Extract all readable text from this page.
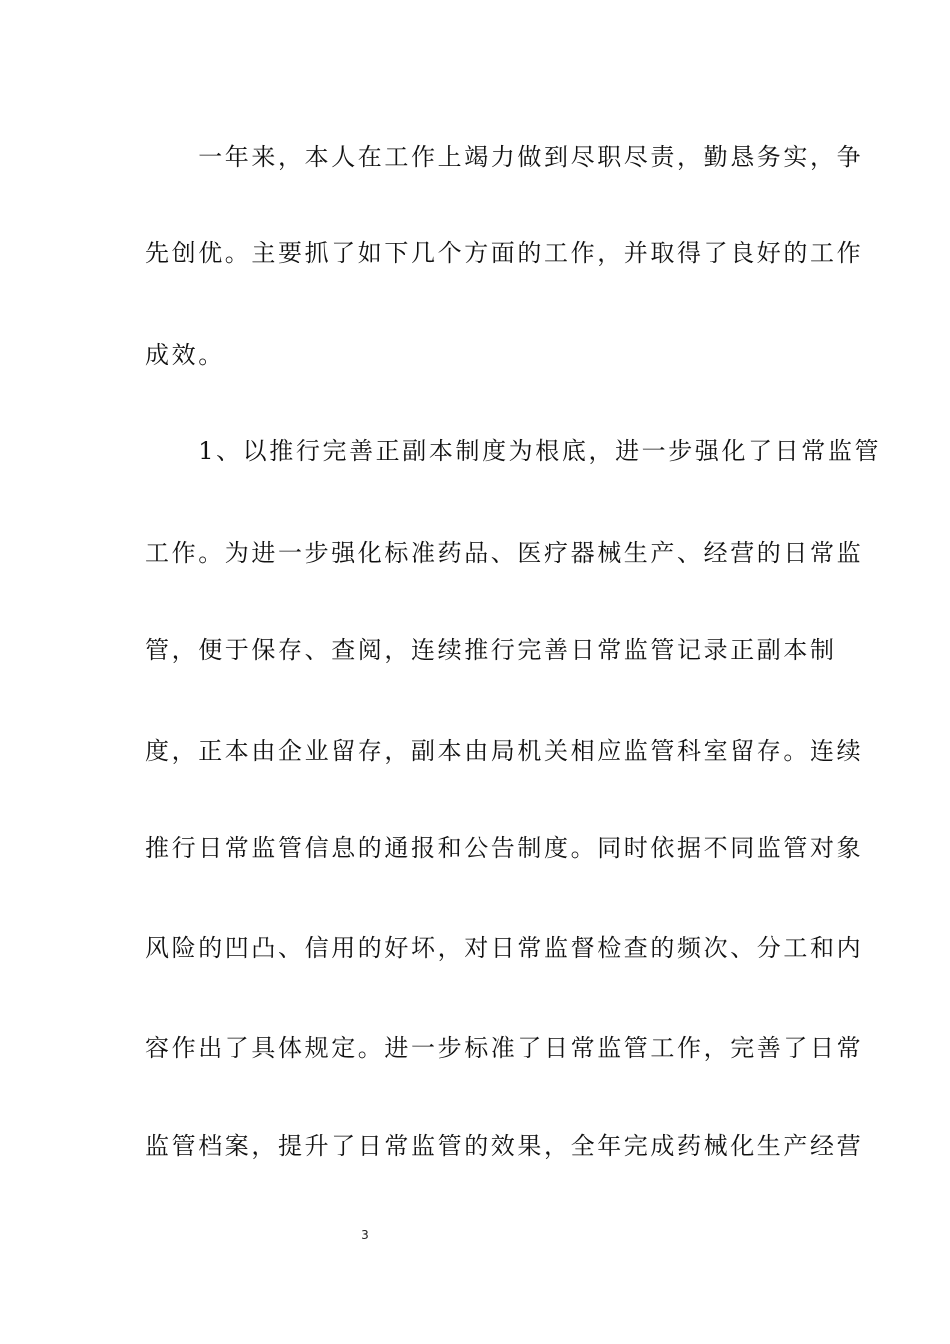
　　一年来，本人在工作上竭力做到尽职尽责，勤恳务实，争
先创优。主要抓了如下几个方面的工作，并取得了良好的工作
成效。
　　1、以推行完善正副本制度为根底，进一步强化了日常监管
工作。为进一步强化标准药品、医疗器械生产、经营的日常监
管，便于保存、查阅，连续推行完善日常监管记录正副本制
度，正本由企业留存，副本由局机关相应监管科室留存。连续
推行日常监管信息的通报和公告制度。同时依据不同监管对象
风险的凹凸、信用的好坏，对日常监督检查的频次、分工和内
容作出了具体规定。进一步标准了日常监管工作，完善了日常
监管档案，提升了日常监管的效果，全年完成药械化生产经营
3
